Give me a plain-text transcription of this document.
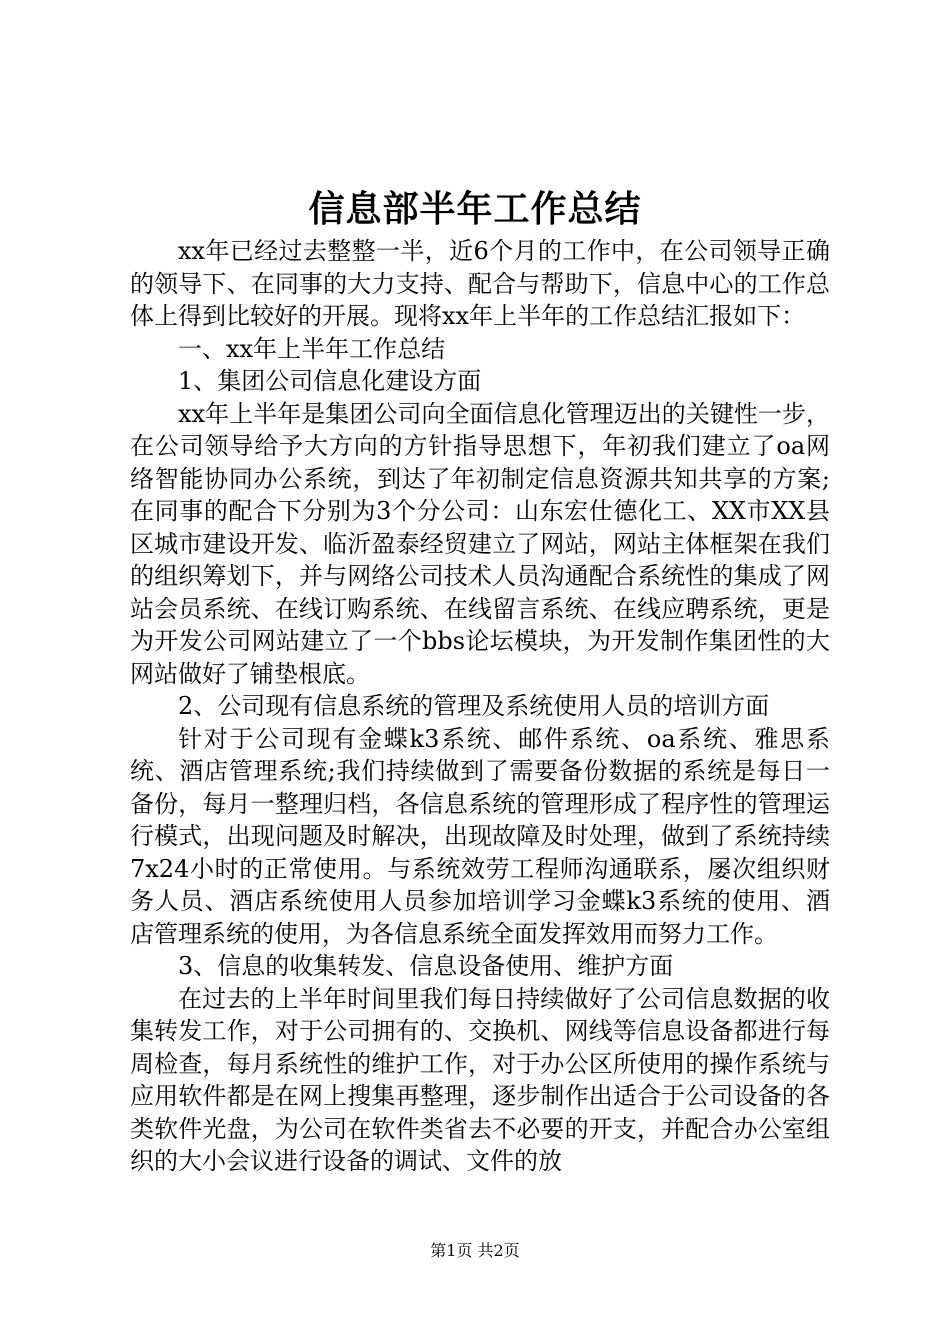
信息部半年工作总结

xx年已经过去整整一半，近6个月的工作中，在公司领导正确的领导下、在同事的大力支持、配合与帮助下，信息中心的工作总体上得到比较好的开展。现将xx年上半年的工作总结汇报如下：

一、xx年上半年工作总结

1、集团公司信息化建设方面

xx年上半年是集团公司向全面信息化管理迈出的关键性一步，在公司领导给予大方向的方针指导思想下，年初我们建立了oa网络智能协同办公系统，到达了年初制定信息资源共知共享的方案;在同事的配合下分别为3个分公司：山东宏仕德化工、XX市XX县区城市建设开发、临沂盈泰经贸建立了网站，网站主体框架在我们的组织筹划下，并与网络公司技术人员沟通配合系统性的集成了网站会员系统、在线订购系统、在线留言系统、在线应聘系统，更是为开发公司网站建立了一个bbs论坛模块，为开发制作集团性的大网站做好了铺垫根底。

2、公司现有信息系统的管理及系统使用人员的培训方面

针对于公司现有金蝶k3系统、邮件系统、oa系统、雅思系统、酒店管理系统;我们持续做到了需要备份数据的系统是每日一备份，每月一整理归档，各信息系统的管理形成了程序性的管理运行模式，出现问题及时解决，出现故障及时处理，做到了系统持续7x24小时的正常使用。与系统效劳工程师沟通联系，屡次组织财务人员、酒店系统使用人员参加培训学习金蝶k3系统的使用、酒店管理系统的使用，为各信息系统全面发挥效用而努力工作。

3、信息的收集转发、信息设备使用、维护方面

在过去的上半年时间里我们每日持续做好了公司信息数据的收集转发工作，对于公司拥有的、交换机、网线等信息设备都进行每周检查，每月系统性的维护工作，对于办公区所使用的操作系统与应用软件都是在网上搜集再整理，逐步制作出适合于公司设备的各类软件光盘，为公司在软件类省去不必要的开支，并配合办公室组织的大小会议进行设备的调试、文件的放

第1页 共2页
